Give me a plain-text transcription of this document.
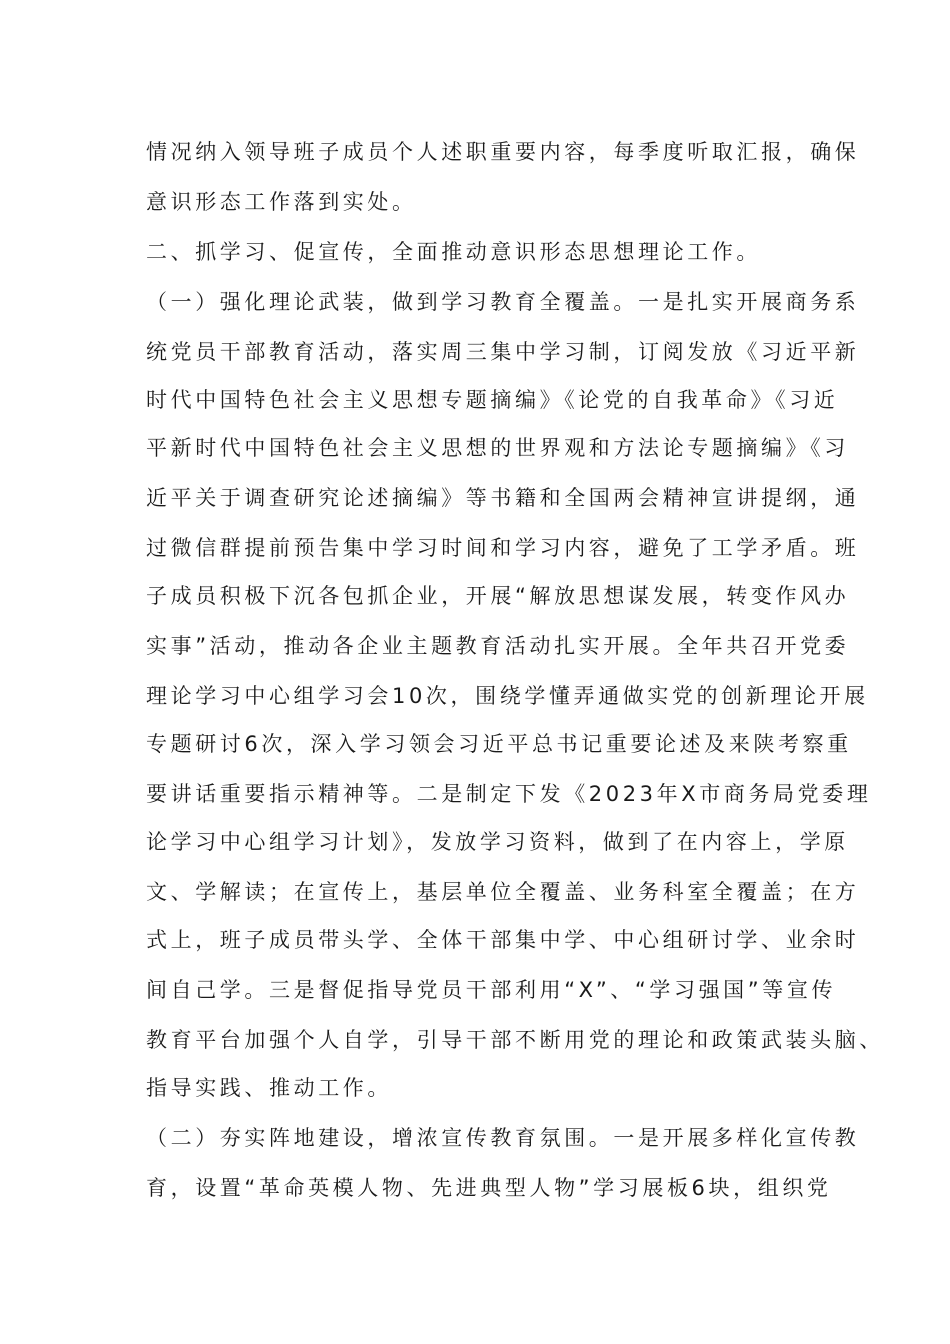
情况纳入领导班子成员个人述职重要内容，每季度听取汇报，确保
意识形态工作落到实处。
二、抓学习、促宣传，全面推动意识形态思想理论工作。
（一）强化理论武装，做到学习教育全覆盖。一是扎实开展商务系
统党员干部教育活动，落实周三集中学习制，订阅发放《习近平新
时代中国特色社会主义思想专题摘编》《论党的自我革命》《习近
平新时代中国特色社会主义思想的世界观和方法论专题摘编》《习
近平关于调查研究论述摘编》等书籍和全国两会精神宣讲提纲，通
过微信群提前预告集中学习时间和学习内容，避免了工学矛盾。班
子成员积极下沉各包抓企业，开展“解放思想谋发展，转变作风办
实事”活动，推动各企业主题教育活动扎实开展。全年共召开党委
理论学习中心组学习会10次，围绕学懂弄通做实党的创新理论开展
专题研讨6次，深入学习领会习近平总书记重要论述及来陕考察重
要讲话重要指示精神等。二是制定下发《2023年X市商务局党委理
论学习中心组学习计划》，发放学习资料，做到了在内容上，学原
文、学解读；在宣传上，基层单位全覆盖、业务科室全覆盖；在方
式上，班子成员带头学、全体干部集中学、中心组研讨学、业余时
间自己学。三是督促指导党员干部利用“X”、“学习强国”等宣传
教育平台加强个人自学，引导干部不断用党的理论和政策武装头脑、
指导实践、推动工作。
（二）夯实阵地建设，增浓宣传教育氛围。一是开展多样化宣传教
育，设置“革命英模人物、先进典型人物”学习展板6块，组织党
